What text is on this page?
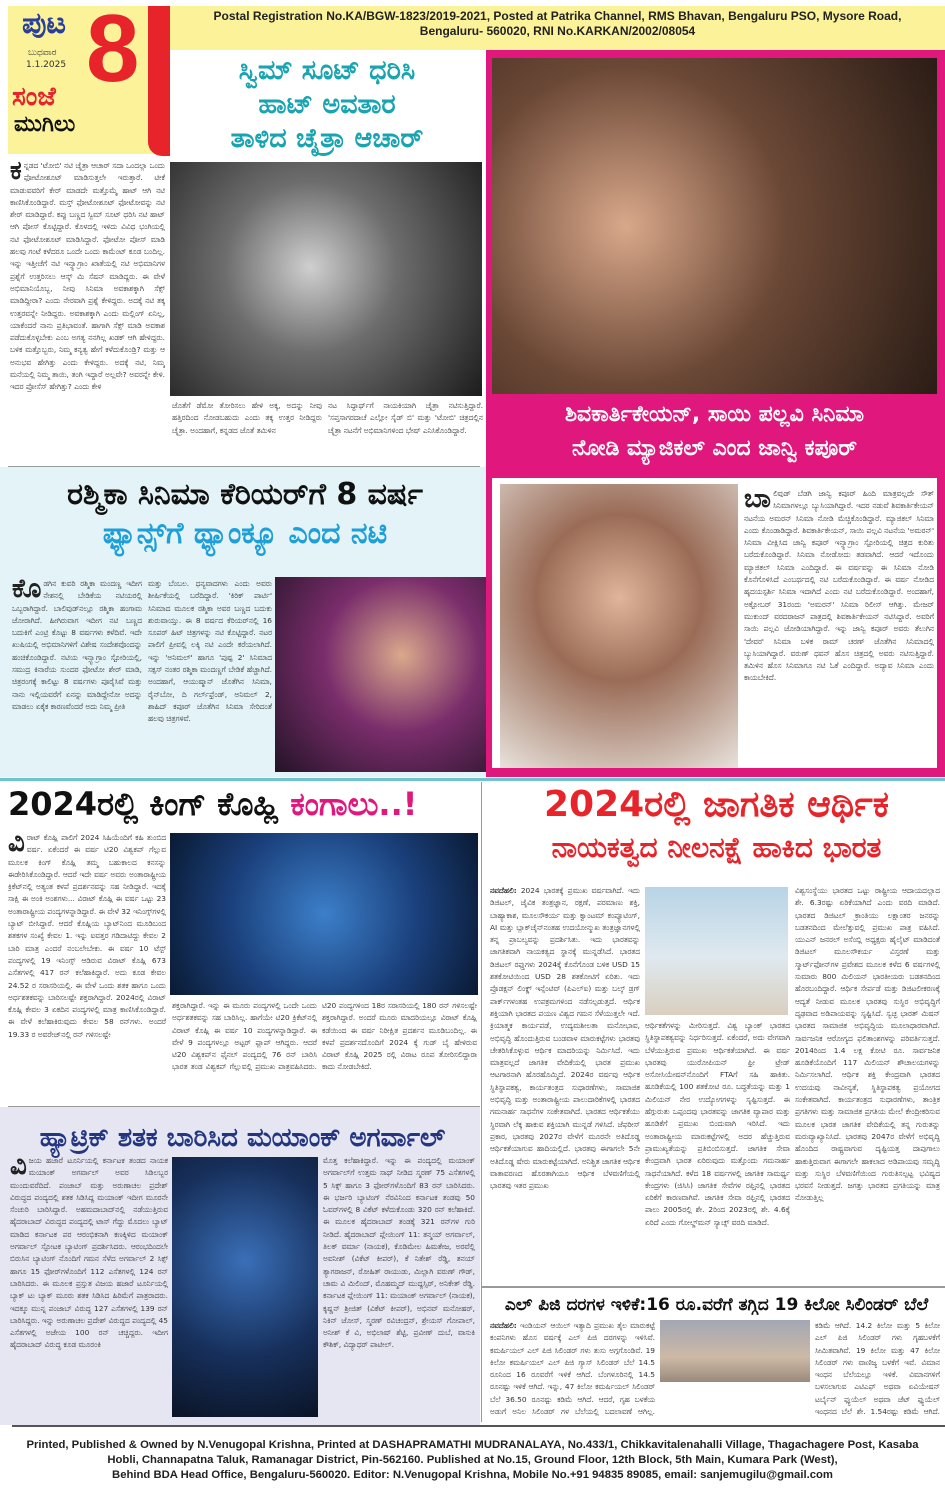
ಪುಟ 8
ಬುಧವಾರ
1.1.2025
ಸಂಜೆ
ಮುಗಿಲು
Postal Registration No.KA/BGW-1823/2019-2021, Posted at Patrika Channel, RMS Bhavan, Bengaluru PSO, Mysore Road,
Bengaluru- 560020, RNI No.KARKAN/2002/08054
ಸ್ವಿಮ್ ಸೂಟ್ ಧರಿಸಿ
ಹಾಟ್ ಅವತಾರ
ತಾಳಿದ ಚೈತ್ರಾ ಆಚಾರ್
ಕ ನ್ನಡದ 'ಟೋಬಿ' ನಟಿ ಚೈತ್ರಾ ಆಚಾರ್ ಸದಾ ಒಂದಲ್ಲಾ ಒಂದು ಫೋಟೋಶೂಟ್ ಮಾಡಿಸುತ್ತಲೇ ಇರುತ್ತಾರೆ. ಟೀಕೆ ಮಾಡುವವರಿಗೆ ಕೇರ್ ಮಾಡದೇ ಮತ್ತೊಮ್ಮೆ ಹಾಟ್ ಆಗಿ ನಟಿ ಕಾಣಿಸಿಕೊಂಡಿದ್ದಾರೆ. ಮಸ್ತ್ ಫೋಟೋಶೂಟ್ ಫೋಟೋವನ್ನು ನಟಿ ಶೇರ್ ಮಾಡಿದ್ದಾರೆ. ಕಪ್ಪು ಬಣ್ಣದ ಸ್ವಿಮ್ ಸೂಟ್ ಧರಿಸಿ ನಟಿ ಹಾಟ್ ಆಗಿ ಪೋಸ್ ಕೊಟ್ಟಿದ್ದಾರೆ. ಕೊಳದಲ್ಲಿ ಇಳಿದು ವಿವಿಧ ಭಂಗಿಯಲ್ಲಿ ನಟಿ ಫೋಟೋಶೂಟ್ ಮಾಡಿಸಿದ್ದಾರೆ. ಫೋಟೋ ಪೋಸ್ ಮಾಡಿ ಹಲವು ಗಂಟೆ ಕಳೆದರೂ ಒಂದೇ ಒಂದು ಕಾಮೆಂಟ್ ಕೂಡ ಬಂದಿಲ್ಲ. ಇನ್ನು ಇತ್ತೀಚೆಗೆ ನಟಿ ಇನ್ಸ್ಟಾಗ್ರಾಂ ಖಾತೆಯಲ್ಲಿ ನಟಿ ಅಭಿಮಾನಿಗಳ ಪ್ರಶ್ನೆಗೆ ಉತ್ತರಿಸಲು ಆಸ್ಕ್ ಮಿ ಸೆಷನ್ ಮಾಡಿದ್ದರು. ಈ ವೇಳೆ ಅಭಿಮಾನಿಯೊಬ್ಬ, ನೀವು ಸಿನಿಮಾ ಅವಕಾಶಕ್ಕಾಗಿ ಸೆಕ್ಸ್ ಮಾಡಿದ್ದೀರಾ? ಎಂದು ನೇರವಾಗಿ ಪ್ರಶ್ನೆ ಕೇಳಿದ್ದರು. ಅದಕ್ಕೆ ನಟಿ ತಕ್ಕ ಉತ್ತರವನ್ನೇ ನೀಡಿದ್ದರು. ಅವಕಾಶಕ್ಕಾಗಿ ಎಂದು ಮಲ್ಲಿಂಗ್ ಏನಿಲ್ಲ, ಯಾಕೆಂದರೆ ನಾನು ಪ್ರತಿಭಾವಂತೆ. ಹಾಗಾಗಿ ಸೆಕ್ಸ್ ಮಾಡಿ ಅವಕಾಶ ಪಡೆದುಕೊಳ್ಳಬೇಕು ಎಂಬ ಅಗತ್ಯ ನನಗಿಲ್ಲ ಖಡಕ್ ಆಗಿ ಹೇಳಿದ್ದರು. ಬಳಿಕ ಮತ್ತೊಬ್ಬರು, ನಿಮ್ಮ ಕನ್ಯತ್ವ ಹೇಗೆ ಕಳೆದುಕೊಂಡ್ರಿ? ಮತ್ತು ಆ ಅನುಭವ ಹೇಗಿತ್ತು ಎಂದು ಕೇಳಿದ್ದರು. ಅದಕ್ಕೆ ನಟಿ, ನಿಮ್ಮ ಮನೆಯಲ್ಲಿ ನಿಮ್ಮ ತಾಯಿ, ತಂಗಿ ಇದ್ದಾರೆ ಅಲ್ಲವೇ? ಅವರನ್ನೇ ಕೇಳಿ. ಇದರ ಪ್ರೋಸೆಸ್ ಹೇಗಿತ್ತು? ಎಂದು ಕೇಳಿ
ಜೊತೆಗೆ ಡೆಮೋ ತೋರಿಸಲು ಹೇಳಿ ಅಕ್ಕ, ಅದನ್ನು ನೀವು ಹತ್ತಿರದಿಂದ ನೋಡಬಹುದು ಎಂದು ತಕ್ಕ ಉತ್ತರ ನೀಡಿದ್ದರು ಚೈತ್ರಾ. ಅಂದಹಾಗೆ, ಕನ್ನಡದ ಜೊತೆ ತಮಿಳಿನ
ನಟ ಸಿದ್ಧಾರ್ಥ್‌ಗೆ ನಾಯಕಿಯಾಗಿ ಚೈತ್ರಾ ನಟಿಸುತ್ತಿದ್ದಾರೆ. 'ಸಪ್ತಸಾಗರದಾಚೆ ಎಲ್ಲೋ ಸೈಡ್ ಬಿ' ಮತ್ತು 'ಟೋಬಿ' ಚಿತ್ರದಲ್ಲಿನ ಚೈತ್ರಾ ನಟನೆಗೆ ಅಭಿಮಾನಿಗಳಿಂದ ಭೇಷ್ ಎನಿಸಿಕೊಂಡಿದ್ದಾರೆ.
ಶಿವಕಾರ್ತಿಕೇಯನ್, ಸಾಯಿ ಪಲ್ಲವಿ ಸಿನಿಮಾ
ನೋಡಿ ಮ್ಯಾಜಿಕಲ್ ಎಂದ ಜಾನ್ವಿ ಕಪೂರ್
ಬಾ ಲಿವುಡ್ ಬೆಡಗಿ ಜಾನ್ವಿ ಕಪೂರ್ ಹಿಂದಿ ಮಾತ್ರವಲ್ಲದೇ ಸೌತ್ ಸಿನಿಮಾಗಳಲ್ಲೂ ಬ್ಯುಸಿಯಾಗಿದ್ದಾರೆ. ಇದರ ನಡುವೆ ಶಿವಕಾರ್ತಿಕೇಯನ್ ನಟನೆಯ ಅಮರನ್ ಸಿನಿಮಾ ನೋಡಿ ಮೆಚ್ಚಿಕೊಂಡಿದ್ದಾರೆ. ಮ್ಯಾಜಿಕಲ್ ಸಿನಿಮಾ ಎಂದು ಕೊಂಡಾಡಿದ್ದಾರೆ. ಶಿವಕಾರ್ತಿಕೇಯನ್, ಸಾಯಿ ಪಲ್ಲವಿ ನಟನೆಯ 'ಅಮರನ್' ಸಿನಿಮಾ ವೀಕ್ಷಿಸಿದ ಜಾನ್ವಿ ಕಪೂರ್ ಇನ್ಸ್ಟಾಗ್ರಾಂ ಸ್ಟೋರಿಯಲ್ಲಿ ಚಿತ್ರದ ಕುರಿತು ಬರೆದುಕೊಂಡಿದ್ದಾರೆ. ಸಿನಿಮಾ ನೋಡೋದು ತಡವಾಗಿದೆ. ಆದರೆ ಇದೊಂದು ಮ್ಯಾಜಿಕಲ್ ಸಿನಿಮಾ ಎಂದಿದ್ದಾರೆ. ಈ ವರ್ಷವನ್ನು ಈ ಸಿನಿಮಾ ನೋಡಿ ಕೊನೆಗೊಳಿಸಿದೆ ಎಂಬರ್ಥದಲ್ಲಿ ನಟಿ ಬರೆದುಕೊಂಡಿದ್ದಾರೆ. ಈ ವರ್ಷ ನೋಡಿದ ಹೃದಯಸ್ಪರ್ಶಿ ಸಿನಿಮಾ ಇದಾಗಿದೆ ಎಂದು ನಟಿ ಬರೆದುಕೊಂಡಿದ್ದಾರೆ. ಅಂದಹಾಗೆ, ಅಕ್ಟೋಬರ್ 31ರಂದು 'ಅಮರನ್' ಸಿನಿಮಾ ರಿಲೀಸ್ ಆಗಿತ್ತು. ಮೇಜರ್ ಮುಕುಂದ್ ವರದರಾಜನ್ ಪಾತ್ರದಲ್ಲಿ ಶಿವಕಾರ್ತಿಕೇಯನ್ ನಟಿಸಿದ್ದಾರೆ. ಅವರಿಗೆ ಸಾಯಿ ಪಲ್ಲವಿ ಜೋಡಿಯಾಗಿದ್ದಾರೆ. ಇನ್ನು ಜಾನ್ವಿ ಕಪೂರ್ ಅವರು ತೆಲುಗಿನ 'ದೇವರ' ಸಿನಿಮಾ ಬಳಿಕ ರಾಮ್ ಚರಣ್ ಜೊತೆಗಿನ ಸಿನಿಮಾದಲ್ಲಿ ಬ್ಯುಸಿಯಾಗಿದ್ದಾರೆ. ವರುಣ್ ಧವನ್ ಹೊಸ ಚಿತ್ರದಲ್ಲಿ ಅವರು ನಟಿಸುತ್ತಿದ್ದಾರೆ. ತಮಿಳಿನ ಹೊಸ ಸಿನಿಮಾಗೂ ನಟಿ ಓಕೆ ಎಂದಿದ್ದಾರೆ. ಅದ್ಯಾವ ಸಿನಿಮಾ ಎಂದು ಕಾಯಬೇಕಿದೆ.
ರಶ್ಮಿಕಾ ಸಿನಿಮಾ ಕೆರಿಯರ್‌ಗೆ 8 ವರ್ಷ
ಫ್ಯಾನ್ಸ್‌ಗೆ ಥ್ಯಾಂಕ್ಯೂ ಎಂದ ನಟಿ
ಕೊ ಡಗಿನ ಕುವರಿ ರಶ್ಮಿಕಾ ಮಂದಣ್ಣ ಇದೀಗ ನೇಶನಲ್ಲಿ ಬೇಡಿಕೆಯ ನಟಿಯರಲ್ಲಿ ಒಬ್ಬರಾಗಿದ್ದಾರೆ. ಬಾಲಿವುಡ್‌ನಲ್ಲೂ ರಶ್ಮಿಕಾ ಹಂಗಾಮ ಜೋರಾಗಿದೆ. ಹೀಗಿರುವಾಗ ಇದೀಗ ನಟಿ ಬಣ್ಣದ ಬದುಕಿಗೆ ಎಂಟ್ರಿ ಕೊಟ್ಟು 8 ವರ್ಷಗಳು ಕಳೆದಿವೆ. ಇದೇ ಖುಷಿಯಲ್ಲಿ ಅಭಿಮಾನಿಗಳಿಗೆ ವಿಶೇಷ ಸಂದೇಶವೊಂದನ್ನು ಹಂಚಿಕೊಂಡಿದ್ದಾರೆ. ನಟಿಯ ಇನ್ಸ್ಟಾಗ್ರಾಂ ಸ್ಟೋರಿಯಲ್ಲಿ, ಸಮುದ್ರ ಕಿನಾರೆಯ ಸುಂದರ ಫೋಟೋ ಶೇರ್ ಮಾಡಿ, ಚಿತ್ರರಂಗಕ್ಕೆ ಕಾಲಿಟ್ಟು 8 ವರ್ಷಗಳು ಪೂರೈಸಿವೆ ಮತ್ತು ನಾನು ಇಲ್ಲಿಯವರೆಗೆ ಏನನ್ನು ಮಾಡಿದ್ದೇನೋ ಅದನ್ನು ಮಾಡಲು ಏಕೈಕ ಕಾರಣವೆಂದರೆ ಅದು ನಿಮ್ಮ ಪ್ರೀತಿ
ಮತ್ತು ಬೆಂಬಲ. ಧನ್ಯವಾದಗಳು ಎಂದು ಅವರು ಶೀರ್ಷಿಕೆಯಲ್ಲಿ ಬರೆದಿದ್ದಾರೆ. 'ಕಿರಿಕ್ ಪಾರ್ಟಿ' ಸಿನಿಮಾದ ಮೂಲಕ ರಶ್ಮಿಕಾ ಅವರ ಬಣ್ಣದ ಬದುಕು ಶುರುವಾಯ್ತು. ಈ 8 ವರ್ಷದ ಕೆರಿಯರ್‌ನಲ್ಲಿ 16 ಸೂಪರ್ ಹಿಟ್ ಚಿತ್ರಗಳನ್ನು ನಟಿ ಕೊಟ್ಟಿದ್ದಾರೆ. ನಟರ ಪಾಲಿಗೆ ಪ್ರೀವಲ್ಲಿ ಲಕ್ಕಿ ನಟಿ ಎಂದೇ ಕರೆಯಲಾಗಿದೆ. ಇನ್ನು 'ಅನಿಮಲ್' ಹಾಗೂ 'ಪುಷ್ಪ 2' ಸಿನಿಮಾದ ಸಕ್ಸಸ್ ನಂತರ ರಶ್ಮಿಕಾ ಮಂದಣ್ಣಗೆ ಬೇಡಿಕೆ ಹೆಚ್ಚಾಗಿದೆ. ಅಂದಹಾಗೆ, ಆಯುಷ್ಮಾನ್ ಜೊತೆಗಿನ ಸಿನಿಮಾ, ರೈನ್‌ಬೋ, ದಿ ಗರ್ಲ್‌ಫ್ರೆಂಡ್, ಅನಿಮಲ್ 2, ಶಾಹಿದ್ ಕಪೂರ್ ಜೊತೆಗಿನ ಸಿನಿಮಾ ಸೇರಿದಂತೆ ಹಲವು ಚಿತ್ರಗಳಿವೆ.
2024ರಲ್ಲಿ ಕಿಂಗ್ ಕೊಹ್ಲಿ ಕಂಗಾಲು..!
ವಿ ರಾಟ್ ಕೊಹ್ಲಿ ಪಾಲಿಗೆ 2024 ಸಿಹಿಯೆಂದಿಗೆ ಕಹಿ ತುಂಬಿದ ವರ್ಷ. ಏಕೆಂದರೆ ಈ ವರ್ಷ ಟಿ20 ವಿಶ್ವಕಪ್ ಗೆಲ್ಲುವ ಮೂಲಕ ಕಿಂಗ್ ಕೊಹ್ಲಿ ತಮ್ಮ ಬಹುಕಾಲದ ಕನಸನ್ನು ಈಡೇರಿಸಿಕೊಂಡಿದ್ದಾರೆ. ಆದರೆ ಇದೇ ವರ್ಷ ಅವರು ಅಂತಾರಾಷ್ಟ್ರೀಯ ಕ್ರಿಕೆಟ್‌ನಲ್ಲಿ ಅತ್ಯಂತ ಕಳಪೆ ಪ್ರದರ್ಶನವನ್ನು ಸಹ ನೀಡಿದ್ದಾರೆ. ಇದಕ್ಕೆ ಸಾಕ್ಷಿ ಈ ಅಂಕಿ ಅಂಶಗಳು... ವಿರಾಟ್ ಕೊಹ್ಲಿ ಈ ವರ್ಷ ಒಟ್ಟು 23 ಅಂತಾರಾಷ್ಟ್ರೀಯ ಪಂದ್ಯಗಳನ್ನಾಡಿದ್ದಾರೆ. ಈ ವೇಳೆ 32 ಇನಿಂಗ್ಸ್‌ಗಳಲ್ಲಿ ಬ್ಯಾಟ್ ಬೀಸಿದ್ದಾರೆ. ಆದರೆ ಕೊಹ್ಲಿಯ ಬ್ಯಾಟ್‌ನಿಂದ ಮೂಡಿಬಂದ ಶತಕಗಳ ಸಂಖ್ಯೆ ಕೇವಲ 1. ಇನ್ನು ಐವತ್ತರ ಗಡಿದಾಟಿದ್ದು ಕೇವಲ 2 ಬಾರಿ ಮಾತ್ರ ಎಂದರೆ ನಂಬಲೇಬೇಕು. ಈ ವರ್ಷ 10 ಟೆಸ್ಟ್ ಪಂದ್ಯಗಳಲ್ಲಿ 19 ಇನಿಂಗ್ಸ್ ಆಡಿರುವ ವಿರಾಟ್ ಕೊಹ್ಲಿ 673 ಎಸೆತಗಳಲ್ಲಿ 417 ರನ್ ಕಲೆಹಾಕಿದ್ದಾರೆ. ಅದು ಕೂಡ ಕೇವಲ 24.52 ರ ಸರಾಸರಿಯಲ್ಲಿ. ಈ ವೇಳೆ ಒಂದು ಶತಕ ಹಾಗೂ ಒಂದು ಅರ್ಧಶತಕವನ್ನು ಬಾರಿಸಲಷ್ಟೇ ಶಕ್ತರಾಗಿದ್ದಾರೆ. 2024ರಲ್ಲಿ ವಿರಾಟ್ ಕೊಹ್ಲಿ ಕೇವಲ 3 ಏಕದಿನ ಪಂದ್ಯಗಳಲ್ಲಿ ಮಾತ್ರ ಕಾಣಿಸಿಕೊಂಡಿದ್ದಾರೆ. ಈ ವೇಳೆ ಕಲೆಹಾಕಿರುವುದು ಕೇವಲ 58 ರನ್‌ಗಳು. ಅಂದರೆ 19.33 ರ ಅವರೇಜ್‌ನಲ್ಲಿ ರನ್ ಗಳಿಸಲಷ್ಟೇ
ಶಕ್ತರಾಗಿದ್ದಾರೆ. ಇನ್ನು ಈ ಮೂರು ಪಂದ್ಯಗಳಲ್ಲಿ ಒಂದೇ ಒಂದು ಅರ್ಧಶತಕವನ್ನು ಸಹ ಬಾರಿಸಿಲ್ಲ. ಹಾಗೆಯೇ ಟಿ20 ಕ್ರಿಕೆಟ್‌ನಲ್ಲಿ ವಿರಾಟ್ ಕೊಹ್ಲಿ ಈ ವರ್ಷ 10 ಪಂದ್ಯಗಳನ್ನಾಡಿದ್ದಾರೆ. ಈ ವೇಳೆ 9 ಪಂದ್ಯಗಳಲ್ಲೂ ಅಟ್ಟರ್ ಫ್ಲಾಪ್ ಆಗಿದ್ದರು. ಆದರೆ ಟಿ20 ವಿಶ್ವಕಪ್‌ನ ಫೈನಲ್ ಪಂದ್ಯದಲ್ಲಿ 76 ರನ್ ಬಾರಿಸಿ ಭಾರತ ತಂಡ ವಿಶ್ವಕಪ್ ಗೆಲ್ಲುವಲ್ಲಿ ಪ್ರಮುಖ ಪಾತ್ರವಹಿಸಿದರು.
ಟಿ20 ಪಂದ್ಯಗಳಿಂದ 18ರ ಸರಾಸರಿಯಲ್ಲಿ 180 ರನ್ ಗಳಿಸಲಷ್ಟೇ ಶಕ್ತರಾಗಿದ್ದಾರೆ. ಅಂದರೆ ಮೂರು ಮಾದರಿಯಲ್ಲೂ ವಿರಾಟ್ ಕೊಹ್ಲಿ ಕಡೆಯಿಂದ ಈ ವರ್ಷ ನಿರೀಕ್ಷಿತ ಪ್ರದರ್ಶನ ಮೂಡಿಬಂದಿಲ್ಲ. ಈ ಕಳಪೆ ಪ್ರದರ್ಶನದೊಂದಿಗೆ 2024 ಕ್ಕೆ ಗುಡ್ ಬೈ ಹೇಳಿರುವ ವಿರಾಟ್ ಕೊಹ್ಲಿ 2025 ರಲ್ಲಿ ವಿರಾಟ ರೂಪ ತೋರಿಸಲಿದ್ದಾರಾ ಕಾದು ನೋಡಬೇಕಿದೆ.
2024ರಲ್ಲಿ ಜಾಗತಿಕ ಆರ್ಥಿಕ
ನಾಯಕತ್ವದ ನೀಲನಕ್ಷೆ ಹಾಕಿದ ಭಾರತ
ನವದೆಹಲಿ: 2024 ಭಾರತಕ್ಕೆ ಪ್ರಮುಖ ವರ್ಷವಾಗಿದೆ. ಇದು ಡಿಜಿಟಲ್, ಜೈವಿಕ ತಂತ್ರಜ್ಞಾನ, ರಕ್ಷಣೆ, ಪರಮಾಣು ಶಕ್ತಿ, ಬಾಹ್ಯಾಕಾಶ, ಮೂಲಸೌಕರ್ಯ ಮತ್ತು ಕ್ವಾಂಟಮ್ ಕಂಪ್ಯೂಟಿಂಗ್, AI ಮತ್ತು ಬ್ಲಾಕ್‌ಚೈನ್‌ನಂತಹ ಉದಯೋನ್ಮುಖ ತಂತ್ರಜ್ಞಾನಗಳಲ್ಲಿ ತನ್ನ ಪ್ರಾಬಲ್ಯವನ್ನು ಪ್ರದರ್ಶಿಸಿತು. ಇದು ಭಾರತವನ್ನು ಜಾಗತಿಕವಾಗಿ ನಾಯಕತ್ವದ ಸ್ಥಾನಕ್ಕೆ ಮುನ್ನಡೆಸಿದೆ. ಭಾರತದ ಡಿಜಿಟಲ್ ರಫ್ತುಗಳು 2024ಕ್ಕೆ ಕೊನೆಗೊಂಡ ಬಳಿಕ USD 15 ಶತಕೋಟಿಯಿಂದ USD 28 ಶತಕೋಟಿಗೆ ಏರಿತು. ಇದು ಪ್ರೊಡಕ್ಷನ್ ಲಿಂಕ್ಡ್ ಇನ್ಸೆಂಟಿವ್ (ಪಿಎಲ್‌ಐ) ಮತ್ತು ಬಲ್ಕ್ ಡ್ರಗ್ ಪಾರ್ಕ್‌ಗಳಂತಹ ಉಪಕ್ರಮಗಳಿಂದ ನಡೆಸಲ್ಪಡುತ್ತದೆ. ಆರ್ಥಿಕ ಶಕ್ತಿಯಾಗಿ ಭಾರತದ ಪಯಣ ವಿಶ್ವದ ಗಮನ ಸೆಳೆಯುತ್ತಲೇ ಇದೆ. ಕ್ರಿಯಾತ್ಮಕ ಕಾರ್ಯಪಡೆ, ಉದ್ಯಮಶೀಲತಾ ಮನೋಭಾವ, ಅಭಿವೃದ್ಧಿ ಹೊಂದುತ್ತಿರುವ ಬಂಡವಾಳ ಮಾರುಕಟ್ಟೆಗಳು ಭಾರತವು ಚೇತರಿಸಿಕೊಳ್ಳುವ ಆರ್ಥಿಕ ಮಾದರಿಯನ್ನು ನಿರ್ಮಿಸಿದೆ. ಇದು ಮಾತ್ರವಲ್ಲದೆ ಜಾಗತಿಕ ವೇದಿಕೆಯಲ್ಲಿ ಭಾರತ ಪ್ರಮುಖ ಆಟಗಾರನಾಗಿ ಹೊರಹೊಮ್ಮಿದೆ. 2024ರ ವರ್ಷವು ಆರ್ಥಿಕ ಸ್ಥಿತಿಸ್ಥಾಪಕತ್ವ, ಕಾರ್ಯತಂತ್ರದ ಸುಧಾರಣೆಗಳು, ಸಾಮಾಜಿಕ ಅಭಿವೃದ್ಧಿ ಮತ್ತು ಅಂತಾರಾಷ್ಟ್ರೀಯ ಪಾಲುದಾರಿಕೆಗಳಲ್ಲಿ ಭಾರತದ ಗಮನಾರ್ಹ ಸಾಧನೆಗಳ ಸಂಕೇತವಾಗಿದೆ. ಭಾರತದ ಆರ್ಥಿಕತೆಯು ಸ್ಥಿರವಾಗಿ ಲೆಕ್ಕ ಹಾಕುವ ಶಕ್ತಿಯಾಗಿ ಮುನ್ನಡೆ ಗಳಿಸಿದೆ. ಜೆಫರೀಸ್ ಪ್ರಕಾರ, ಭಾರತವು 2027ರ ವೇಳೆಗೆ ಮೂರನೇ ಅತಿದೊಡ್ಡ ಆರ್ಥಿಕತೆಯಾಗುವ ಹಾದಿಯಲ್ಲಿದೆ. ಭಾರತವು ಈಗಾಗಲೇ 5ನೇ ಅತಿದೊಡ್ಡ ಷೇರು ಮಾರುಕಟ್ಟೆಯಾಗಿದೆ. ಅನಿಶ್ಚಿತ ಜಾಗತಿಕ ಆರ್ಥಿಕ ವಾತಾವರಣದ ಹೊರತಾಗಿಯೂ ಆರ್ಥಿಕ ಬೆಳವಣಿಗೆಯಲ್ಲಿ ಭಾರತವು ಇತರ ಪ್ರಮುಖ
ಆರ್ಥಿಕತೆಗಳನ್ನು ಮೀರಿಸುತ್ತದೆ. ವಿಶ್ವ ಬ್ಯಾಂಕ್ ಭಾರತದ ಸ್ಥಿತಿಸ್ಥಾಪಕತ್ವವನ್ನು ನಿರ್ಧರಿಸುತ್ತದೆ. ಏಕೆಂದರೆ, ಅದು ವೇಗವಾಗಿ ಬೆಳೆಯುತ್ತಿರುವ ಪ್ರಮುಖ ಆರ್ಥಿಕತೆಯಾಗಿದೆ. ಈ ವರ್ಷ ಭಾರತವು ಯುರೋಪಿಯನ್ ಫ್ರೀ ಟ್ರೇಡ್ ಅಸೋಸಿಯೇಷನ್‌ನೊಂದಿಗೆ FTAಗೆ ಸಹಿ ಹಾಕಿತು. ಹೂಡಿಕೆಯಲ್ಲಿ 100 ಶತಕೋಟಿ ರೂ. ಬದ್ಧತೆಯನ್ನು ಮತ್ತು 1 ಮಿಲಿಯನ್ ನೇರ ಉದ್ಯೋಗಗಳನ್ನು ಸೃಷ್ಟಿಸುತ್ತದೆ. ಈ ಹೆಗ್ಗುರುತು ಒಪ್ಪಂದವು ಭಾರತವನ್ನು ಜಾಗತಿಕ ವ್ಯಾಪಾರ ಮತ್ತು ಹೂಡಿಕೆಗೆ ಪ್ರಮುಖ ಬಿಂದುವಾಗಿ ಇರಿಸಿದೆ. ಇದು ಅಂತಾರಾಷ್ಟ್ರೀಯ ಮಾರುಕಟ್ಟೆಗಳಲ್ಲಿ ಅದರ ಹೆಚ್ಚುತ್ತಿರುವ ಪ್ರಾಮುಖ್ಯತೆಯನ್ನು ಪ್ರತಿಬಿಂಬಿಸುತ್ತದೆ. ಜಾಗತಿಕ ಸೇವಾ ಕೇಂದ್ರವಾಗಿ ಭಾರತ ಏರಿರುವುದು ಮತ್ತೊಂದು ಗಮನಾರ್ಹ ಸಾಧನೆಯಾಗಿದೆ. ಕಳೆದ 18 ವರ್ಷಗಳಲ್ಲಿ ಜಾಗತಿಕ ಸಾಮರ್ಥ್ಯ ಕೇಂದ್ರಗಳು (ಜಿಸಿಸಿ) ಜಾಗತಿಕ ಸೇವೆಗಳ ರಫ್ತಿನಲ್ಲಿ ಭಾರತದ ಏರಿಕೆಗೆ ಕಾರಣವಾಗಿವೆ. ಜಾಗತಿಕ ಸೇವಾ ರಫ್ತಿನಲ್ಲಿ ಭಾರತದ ಪಾಲು 2005ರಲ್ಲಿ ಶೇ. 2ರಿಂದ 2023ರಲ್ಲಿ ಶೇ. 4.6ಕ್ಕೆ ಏರಿದೆ ಎಂದು ಗೋಲ್ಡ್‌ಮನ್ ಸ್ಯಾಚ್ಸ್ ವರದಿ ಮಾಡಿದೆ.
ವಿಶ್ವಸಂಸ್ಥೆಯು ಭಾರತದ ಒಟ್ಟು ರಾಷ್ಟ್ರೀಯ ಆದಾಯದಲ್ಲಾದ ಶೇ. 6.3ರಷ್ಟು ಏರಿಕೆಯಾಗಿದೆ ಎಂದು ವರದಿ ಮಾಡಿದೆ. ಭಾರತದ ಡಿಜಿಟಲ್ ಕ್ರಾಂತಿಯು ಲಕ್ಷಾಂತರ ಜನರನ್ನು ಬಡತನದಿಂದ ಮೇಲೆತ್ತುವಲ್ಲಿ ಪ್ರಮುಖ ಪಾತ್ರ ವಹಿಸಿದೆ. ಯುಎನ್ ಜನರಲ್ ಅಸೆಂಬ್ಲಿ ಅಧ್ಯಕ್ಷರು ಹೈಲೈಟ್ ಮಾಡಿದಂತೆ ಡಿಜಿಟಲ್ ಮೂಲಸೌಕರ್ಯ ವಿಸ್ತರಣೆ ಮತ್ತು ಸ್ಮಾರ್ಟ್‌ಫೋನ್‌ಗಳ ಪ್ರವೇಶದ ಮೂಲಕ ಕಳೆದ 6 ವರ್ಷಗಳಲ್ಲಿ ಸುಮಾರು 800 ಮಿಲಿಯನ್ ಭಾರತೀಯರು ಬಡತನದಿಂದ ಹೊರಬಂದಿದ್ದಾರೆ. ಆರ್ಥಿಕ ಸೇರ್ಪಡೆ ಮತ್ತು ಡಿಜಿಟಲೀಕರಣಕ್ಕೆ ಆದ್ಯತೆ ನೀಡುವ ಮೂಲಕ ಭಾರತವು ಸುಸ್ಥಿರ ಅಭಿವೃದ್ಧಿಗೆ ದೃಢವಾದ ಅಡಿಪಾಯವನ್ನು ಸೃಷ್ಟಿಸಿದೆ. ಸ್ವಚ್ಛ ಭಾರತ್ ಮಿಷನ್ ಭಾರತದ ಸಾಮಾಜಿಕ ಅಭಿವೃದ್ಧಿಯ ಮೂಲಾಧಾರವಾಗಿದೆ. ಸಾರ್ವಜನಿಕ ಆರೋಗ್ಯದ ಫಲಿತಾಂಶಗಳನ್ನು ಪರಿವರ್ತಿಸುತ್ತದೆ. 2014ರಿಂದ 1.4 ಲಕ್ಷ ಕೋಟಿ ರೂ. ಸಾರ್ವಜನಿಕ ಹೂಡಿಕೆಯೊಂದಿಗೆ 117 ಮಿಲಿಯನ್ ಶೌಚಾಲಯಗಳನ್ನು ನಿರ್ಮಿಸಲಾಗಿದೆ. ಆರ್ಥಿಕ ಶಕ್ತಿ ಕೇಂದ್ರವಾಗಿ ಭಾರತದ ಉದಯವು ನಾವೀನ್ಯತೆ, ಸ್ಥಿತಿಸ್ಥಾಪಕತ್ವ ಪ್ರಯೋಗದ ಸಂಕೇತವಾಗಿದೆ. ಕಾರ್ಯತಂತ್ರದ ಸುಧಾರಣೆಗಳು, ತಾಂತ್ರಿಕ ಪ್ರಗತಿಗಳು ಮತ್ತು ಸಾಮಾಜಿಕ ಪ್ರಗತಿಯ ಮೇಲೆ ಕೇಂದ್ರೀಕರಿಸುವ ಮೂಲಕ ಭಾರತ ಜಾಗತಿಕ ವೇದಿಕೆಯಲ್ಲಿ ತನ್ನ ಗುರುತನ್ನು ಮರುವ್ಯಾಖ್ಯಾನಿಸಿದೆ. ಭಾರತವು 2047ರ ವೇಳೆಗೆ ಅಭಿವೃದ್ಧಿ ಹೊಂದಿದ ರಾಷ್ಟ್ರವಾಗುವ ದೃಷ್ಟಿಯತ್ತ ದಾಪುಗಾಲು ಹಾಕುತ್ತಿರುವಾಗ ಈಗಾಗಲೇ ಹಾಕಲಾದ ಅಡಿಪಾಯವು ಸಮೃದ್ಧಿ ಮತ್ತು ಸುಸ್ಥಿರ ಬೆಳವಣಿಗೆಯಿಂದ ಗುರುತಿಸಲ್ಪಟ್ಟ ಭವಿಷ್ಯದ ಭರವಸೆ ನೀಡುತ್ತದೆ. ಜಗತ್ತು ಭಾರತದ ಪ್ರಗತಿಯನ್ನು ಮಾತ್ರ ನೋಡುತ್ತಿಲ್ಲ
ಹ್ಯಾಟ್ರಿಕ್ ಶತಕ ಬಾರಿಸಿದ ಮಯಾಂಕ್ ಅಗರ್ವಾಲ್
ವಿ ಜಯ ಹಜಾರೆ ಟೂರ್ನಿಯಲ್ಲಿ ಕರ್ನಾಟಕ ತಂಡದ ನಾಯಕ ಮಯಾಂಕ್ ಅಗರ್ವಾಲ್ ಅವರ ಸಿಡಿಲಬ್ಬರ ಮುಂದುವರೆದಿದೆ. ಪಂಜಾಬ್ ಮತ್ತು ಅರುಣಾಚಲ ಪ್ರದೇಶ್ ವಿರುದ್ಧದ ಪಂದ್ಯದಲ್ಲಿ ಶತಕ ಸಿಡಿಸಿದ್ದ ಮಯಾಂಕ್ ಇದೀಗ ಮೂರನೇ ಸೆಂಚುರಿ ಬಾರಿಸಿದ್ದಾರೆ. ಅಹಮದಾಬಾದ್‌ನಲ್ಲಿ ನಡೆಯುತ್ತಿರುವ ಹೈದರಾಬಾದ್ ವಿರುದ್ಧದ ಪಂದ್ಯದಲ್ಲಿ ಟಾಸ್ ಗೆದ್ದು ಮೊದಲು ಬ್ಯಾಟ್ ಮಾಡಿದ ಕರ್ನಾಟಕ ಪರ ಆರಂಭಿಕನಾಗಿ ಕಣಕ್ಕಿಳಿದ ಮಯಾಂಕ್ ಅಗರ್ವಾಲ್ ಸ್ಫೋಟಕ ಬ್ಯಾಟಿಂಗ್ ಪ್ರದರ್ಶಿಸಿದರು. ಆರಂಭದಿಂದಲೇ ಬಿರುಸಿನ ಬ್ಯಾಟಿಂಗ್ ನೊಂದಿಗೆ ಗಮನ ಸೆಳೆದ ಅಗರ್ವಾಲ್ 2 ಸಿಕ್ಸ್ ಹಾಗೂ 15 ಫೋರ್‌ಗಳೊಂದಿಗೆ 112 ಎಸೆತಗಳಲ್ಲಿ 124 ರನ್ ಬಾರಿಸಿದರು. ಈ ಮೂಲಕ ಪ್ರಸ್ತುತ ವಿಜಯ ಹಜಾರೆ ಟೂರ್ನಿಯಲ್ಲಿ ಬ್ಯಾಕ್ ಟು ಬ್ಯಾಕ್ ಮೂರು ಶತಕ ಸಿಡಿಸಿದ ಹಿರಿಮೆಗೆ ಪಾತ್ರರಾದರು. ಇದಕ್ಕೂ ಮುನ್ನ ಪಂಜಾಬ್ ವಿರುದ್ಧ 127 ಎಸೆತಗಳಲ್ಲಿ 139 ರನ್ ಬಾರಿಸಿದ್ದರು. ಇನ್ನು ಅರುಣಾಚಲ ಪ್ರದೇಶ್ ವಿರುದ್ಧದ ಪಂದ್ಯದಲ್ಲಿ 45 ಎಸೆತಗಳಲ್ಲಿ ಅಜೇಯ 100 ರನ್ ಚಚ್ಚಿದ್ದರು. ಇದೀಗ ಹೈದರಾಬಾದ್ ವಿರುದ್ಧ ಕೂಡ ಮೂರಂಕಿ
ಮೊತ್ತ ಕಲೆಹಾಕಿದ್ದಾರೆ. ಇನ್ನು ಈ ಪಂದ್ಯದಲ್ಲಿ ಮಯಾಂಕ್ ಅಗರ್ವಾಲ್‌ಗೆ ಉತ್ತಮ ಸಾಥ್ ನೀಡಿದ ಸ್ಮರಣ್ 75 ಎಸೆತಗಳಲ್ಲಿ 5 ಸಿಕ್ಸ್ ಹಾಗೂ 3 ಫೋರ್‌ಗಳೊಂದಿಗೆ 83 ರನ್ ಬಾರಿಸಿದರು. ಈ ಭರ್ಜರಿ ಬ್ಯಾಟಿಂಗ್ ನೆರವಿನಿಂದ ಕರ್ನಾಟಕ ತಂಡವು 50 ಓವರ್‌ಗಳಲ್ಲಿ 8 ವಿಕೆಟ್ ಕಳೆದುಕೊಂಡು 320 ರನ್ ಕಲೆಹಾಕಿದೆ. ಈ ಮೂಲಕ ಹೈದರಾಬಾದ್ ತಂಡಕ್ಕೆ 321 ರನ್‌ಗಳ ಗುರಿ ನೀಡಿದೆ. ಹೈದರಾಬಾದ್ ಪ್ಲೇಯಿಂಗ್ 11: ತನ್ಮಯ್ ಅಗರ್ವಾಲ್, ತಿಲಕ್ ವರ್ಮಾ (ನಾಯಕ), ಕೊಡಿಮೇಲ ಹಿಮತೇಜ, ಅರವೆಲ್ಲಿ ಅವನೀಶ್ (ವಿಕೆಟ್ ಕೀಪರ್), ಕೆ ನಿತೇಶ್ ರೆಡ್ಡಿ, ತನಯ್ ತ್ಯಾಗರಾಜನ್, ರೋಹಿತ್ ರಾಯುಡು, ಮಿಲ್ಲಾಗಿ ವರುಣ್ ಗೌಡ್, ಚಾಮ ವಿ ಮಿಲಿಂದ್, ಮೊಹಮ್ಮದ್ ಮುದ್ದಸ್ಸಿರ್, ಅನಿಕೇತ್ ರೆಡ್ಡಿ. ಕರ್ನಾಟಕ ಪ್ಲೇಯಿಂಗ್ 11: ಮಯಾಂಕ್ ಅಗರ್ವಾಲ್ (ನಾಯಕ), ಕೃಷ್ಣನ್ ಶ್ರೀಜಿತ್ (ವಿಕೆಟ್ ಕೀಪರ್), ಅಭಿನವ್ ಮನೋಹರ್, ನಿಕಿನ್ ಜೋಸ್, ಸ್ಮರಣ್ ರವಿಚಂದ್ರನ್, ಶ್ರೇಯಸ್ ಗೋಪಾಲ್, ಅನೀಶ್ ಕೆ ವಿ, ಅಭಿಲಾಷ್ ಶೆಟ್ಟಿ, ಪ್ರವೀಣ್ ದುಬೆ, ವಾಸುಕಿ ಕೌಶಿಕ್, ವಿದ್ಯಾಧರ್ ಪಾಟೀಲ್.
ಎಲ್ ಪಿಜಿ ದರಗಳ ಇಳಿಕೆ:16 ರೂ.ವರೆಗೆ ತಗ್ಗಿದ 19 ಕಿಲೋ ಸಿಲಿಂಡರ್ ಬೆಲೆ
ನವದೆಹಲಿ: ಇಂಡಿಯನ್ ಆಯಿಲ್ ಇತ್ಯಾದಿ ಪ್ರಮುಖ ತೈಲ ಮಾರುಕಟ್ಟೆ ಕಂಪನಿಗಳು ಹೊಸ ವರ್ಷಕ್ಕೆ ಎಲ್ ಪಿಜಿ ದರಗಳನ್ನು ಇಳಿಸಿವೆ. ಕಮರ್ಷಿಯಲ್ ಎಲ್ ಪಿಜಿ ಸಿಲಿಂಡರ್ ಗಳು ತುಸು ಅಗ್ಗಗೊಂಡಿವೆ. 19 ಕಿಲೋ ಕಮರ್ಷಿಯಲ್ ಎಲ್ ಪಿಜಿ ಗ್ಯಾಸ್ ಸಿಲಿಂಡರ್ ಬೆಲೆ 14.5 ರೂನಿಂದ 16 ರೂವರೆಗೆ ಇಳಿಕೆ ಆಗಿದೆ. ಬೆಂಗಳೂರಿನಲ್ಲಿ 14.5 ರೂನಷ್ಟು ಇಳಿಕೆ ಆಗಿದೆ. ಇನ್ನು, 47 ಕಿಲೋ ಕಮರ್ಷಿಯಲ್ ಸಿಲಿಂಡರ್ ಬೆಲೆ 36.50 ರೂನಷ್ಟು ಕಡಿಮೆ ಆಗಿದೆ. ಆದರೆ, ಗೃಹ ಬಳಕೆಯ ಅಡುಗೆ ಅನಿಲ ಸಿಲಿಂಡರ್ ಗಳ ಬೆಲೆಯಲ್ಲಿ ಬದಲಾವಣೆ ಆಗಿಲ್ಲ.
ಕಡಿಮೆ ಆಗಿದೆ. 14.2 ಕಿಲೋ ಮತ್ತು 5 ಕಿಲೋ ಎಲ್ ಪಿಜಿ ಸಿಲಿಂಡರ್ ಗಳು ಗೃಹಬಳಕೆಗೆ ಸೀಮಿತವಾಗಿವೆ. 19 ಕಿಲೋ ಮತ್ತು 47 ಕಿಲೋ ಸಿಲಿಂಡರ್ ಗಳು ವಾಣಿಜ್ಯ ಬಳಕೆಗೆ ಇವೆ. ವಿಮಾನ ಇಂಧನ ಬೆಲೆಯಲ್ಲೂ ಇಳಿಕೆ. ವಿಮಾನಗಳಿಗೆ ಬಳಸಲಾಗುವ ಎಟಿಎಫ್ ಅಥವಾ ಏವಿಯೇಷನ್ ಟರ್ಬೈನ್ ಫ್ಯುಯೆಲ್ ಅಥವಾ ಜೆಟ್ ಫ್ಯುಯೆಲ್ ಇಂಧನದ ಬೆಲೆ ಶೇ. 1.54ರಷ್ಟು ಕಡಿಮೆ ಆಗಿದೆ.
Printed, Published & Owned by N.Venugopal Krishna, Printed at DASHAPRAMATHI MUDRANALAYA, No.433/1, Chikkavitalenahalli Village, Thagachagere Post, Kasaba
Hobli, Channapatna Taluk, Ramanagar District, Pin-562160. Published at No.15, Ground Floor, 12th Block, 5th Main, Kumara Park (West),
Behind BDA Head Office, Bengaluru-560020. Editor: N.Venugopal Krishna, Mobile No.+91 94835 89085, email: sanjemugilu@gmail.com
